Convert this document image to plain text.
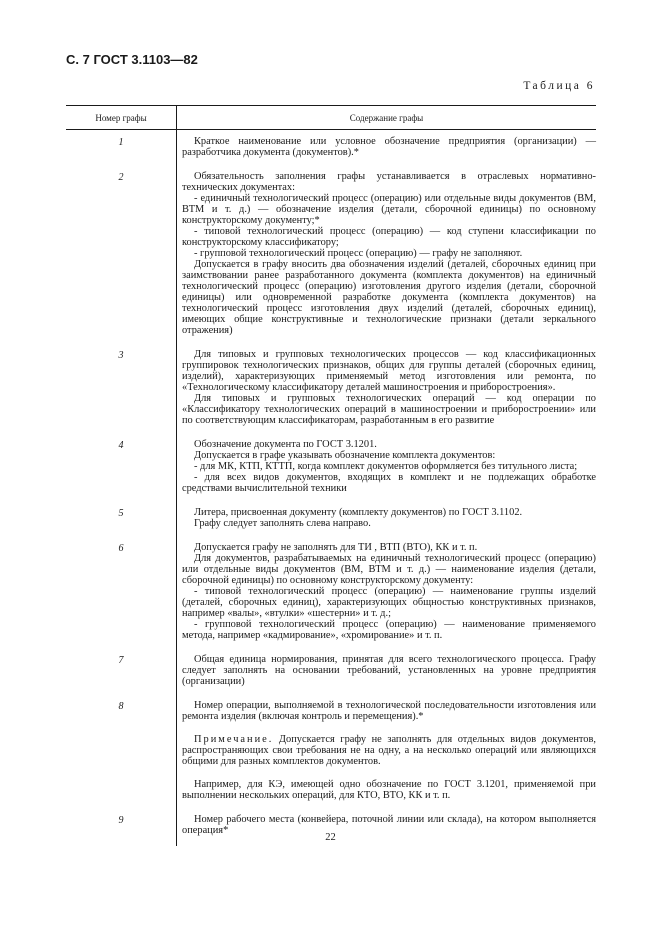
С. 7 ГОСТ 3.1103—82
Таблица 6
Номер графы	Содержание графы
1	Краткое наименование или условное обозначение предприятия (организации) — разработчика документа (документов).*

2	Обязательность заполнения графы устанавливается в отраслевых нормативно-технических документах:

- единичный технологический процесс (операцию) или отдельные виды документов (ВМ, ВТМ и т. д.) — обозначение изделия (детали, сборочной единицы) по основному конструкторскому документу;*

- типовой технологический процесс (операцию) — код ступени классификации по конструкторскому классификатору;

- групповой технологический процесс (операцию) — графу не заполняют.

Допускается в графу вносить два обозначения изделий (деталей, сборочных единиц при заимствовании ранее разработанного документа (комплекта документов) на единичный технологический процесс (операцию) изготовления другого изделия (детали, сборочной единицы) или одновременной разработке документа (комплекта документов) на технологический процесс изготовления двух изделий (деталей, сборочных единиц), имеющих общие конструктивные и технологические признаки (детали зеркального отражения)

3	Для типовых и групповых технологических процессов — код классификационных группировок технологических признаков, общих для группы деталей (сборочных единиц, изделий), характеризующих применяемый метод изготовления или ремонта, по «Технологическому классификатору деталей машиностроения и приборостроения».

Для типовых и групповых технологических операций — код операции по «Классификатору технологических операций в машиностроении и приборостроении» или по соответствующим классификаторам, разработанным в его развитие

4	Обозначение документа по ГОСТ 3.1201.

Допускается в графе указывать обозначение комплекта документов:

- для МК, КТП, КТТП, когда комплект документов оформляется без титульного листа;

- для всех видов документов, входящих в комплект и не подлежащих обработке средствами вычислительной техники

5	Литера, присвоенная документу (комплекту документов) по ГОСТ 3.1102.

Графу следует заполнять слева направо.

6	Допускается графу не заполнять для ТИ , ВТП (ВТО), КК и т. п.

Для документов, разрабатываемых на единичный технологический процесс (операцию) или отдельные виды документов (ВМ, ВТМ и т. д.) — наименование изделия (детали, сборочной единицы) по основному конструкторскому документу:

- типовой технологический процесс (операцию) — наименование группы изделий (деталей, сборочных единиц), характеризующих общностью конструктивных признаков, например «валы», «втулки» «шестерни» и т. д.;

- групповой технологический процесс (операцию) — наименование применяемого метода, например «кадмирование», «хромирование» и т. п.

7	Общая единица нормирования, принятая для всего технологического процесса. Графу следует заполнять на основании требований, установленных на уровне предприятия (организации)

8	Номер операции, выполняемой в технологической последовательности изготовления или ремонта изделия (включая контроль и перемещения).*

Примечание. Допускается графу не заполнять для отдельных видов документов, распространяющих свои требования не на одну, а на несколько операций или являющихся общими для разных комплектов документов.

Например, для КЭ, имеющей одно обозначение по ГОСТ 3.1201, применяемой при выполнении нескольких операций, для КТО, ВТО, КК и т. п.

9	Номер рабочего места (конвейера, поточной линии или склада), на котором выполняется операция*

22
